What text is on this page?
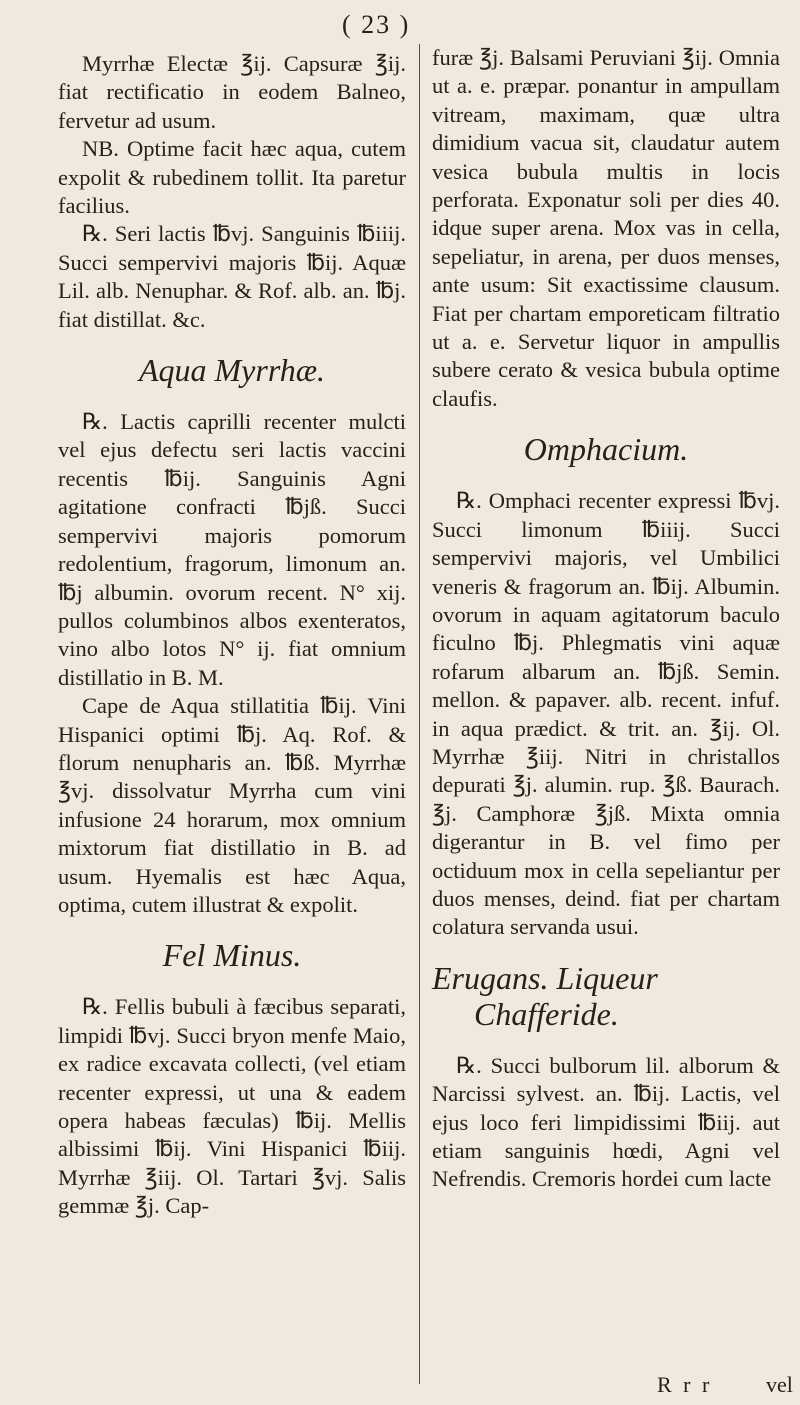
( 23 )

Myrrhæ Electæ ℥ij. Capsuræ ℥ij. fiat rectificatio in eodem Balneo, fervetur ad usum.

NB. Optime facit hæc aqua, cutem expolit & rubedinem tollit. Ita paretur facilius.

℞. Seri lactis ℔vj. Sanguinis ℔iiij. Succi sempervivi majoris ℔ij. Aquæ Lil. alb. Nenuphar. & Rof. alb. an. ℔j. fiat distillat. &c.

Aqua Myrrhæ.

℞. Lactis caprilli recenter mulcti vel ejus defectu seri lactis vaccini recentis ℔ij. Sanguinis Agni agitatione confracti ℔jß. Succi sempervivi majoris pomorum redolentium, fragorum, limonum an. ℔j albumin. ovorum recent. N° xij. pullos columbinos albos exenteratos, vino albo lotos N° ij. fiat omnium distillatio in B. M.

Cape de Aqua stillatitia ℔ij. Vini Hispanici optimi ℔j. Aq. Rof. & florum nenupharis an. ℔ß. Myrrhæ ℥vj. dissolvatur Myrrha cum vini infusione 24 horarum, mox omnium mixtorum fiat distillatio in B. ad usum. Hyemalis est hæc Aqua, optima, cutem illustrat & expolit.

Fel Minus.

℞. Fellis bubuli à fæcibus separati, limpidi ℔vj. Succi bryon menfe Maio, ex radice excavata collecti, (vel etiam recenter expressi, ut una & eadem opera habeas fæculas) ℔ij. Mellis albissimi ℔ij. Vini Hispanici ℔iij. Myrrhæ ℥iij. Ol. Tartari ℥vj. Salis gemmæ ℥j. Cap-

furæ ℥j. Balsami Peruviani ℥ij. Omnia ut a. e. præpar. ponantur in ampullam vitream, maximam, quæ ultra dimidium vacua sit, claudatur autem vesica bubula multis in locis perforata. Exponatur soli per dies 40. idque super arena. Mox vas in cella, sepeliatur, in arena, per duos menses, ante usum: Sit exactissime clausum. Fiat per chartam emporeticam filtratio ut a. e. Servetur liquor in ampullis subere cerato & vesica bubula optime claufis.

Omphacium.

℞. Omphaci recenter expressi ℔vj. Succi limonum ℔iiij. Succi sempervivi majoris, vel Umbilici veneris & fragorum an. ℔ij. Albumin. ovorum in aquam agitatorum baculo ficulno ℔j. Phlegmatis vini aquæ rofarum albarum an. ℔jß. Semin. mellon. & papaver. alb. recent. infuf. in aqua prædict. & trit. an. ℥ij. Ol. Myrrhæ ℥iij. Nitri in christallos depurati ℥j. alumin. rup. ℥ß. Baurach. ℥j. Camphoræ ℥jß. Mixta omnia digerantur in B. vel fimo per octiduum mox in cella sepeliantur per duos menses, deind. fiat per chartam colatura servanda usui.

Erugans. Liqueur Chafferide.

℞. Succi bulborum lil. alborum & Narcissi sylvest. an. ℔ij. Lactis, vel ejus loco feri limpidissimi ℔iij. aut etiam sanguinis hœdi, Agni vel Nefrendis. Cremoris hordei cum lacte

R r r vel
